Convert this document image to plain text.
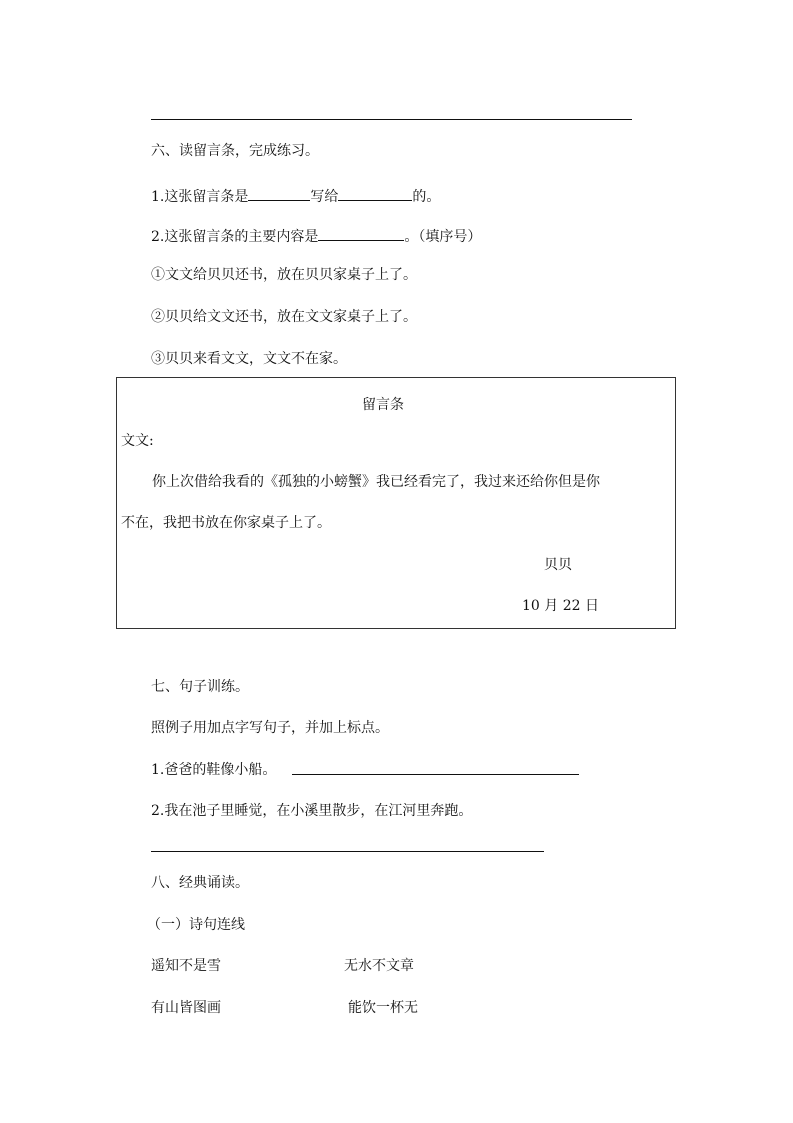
六、读留言条，完成练习。
1.这张留言条是	写给	的。
2.这张留言条的主要内容是	。（填序号）
①文文给贝贝还书，放在贝贝家桌子上了。
②贝贝给文文还书，放在文文家桌子上了。
③贝贝来看文文，文文不在家。
留言条
文文:
你上次借给我看的《孤独的小螃蟹》我已经看完了，我过来还给你但是你
不在，我把书放在你家桌子上了。
贝贝
10 月 22 日
七、句子训练。
照例子用加点字写句子，并加上标点。
1.爸爸的鞋像小船。
2.我在池子里睡觉，在小溪里散步，在江河里奔跑。
八、经典诵读。
（一）诗句连线
遥知不是雪	无水不文章
有山皆图画	能饮一杯无
